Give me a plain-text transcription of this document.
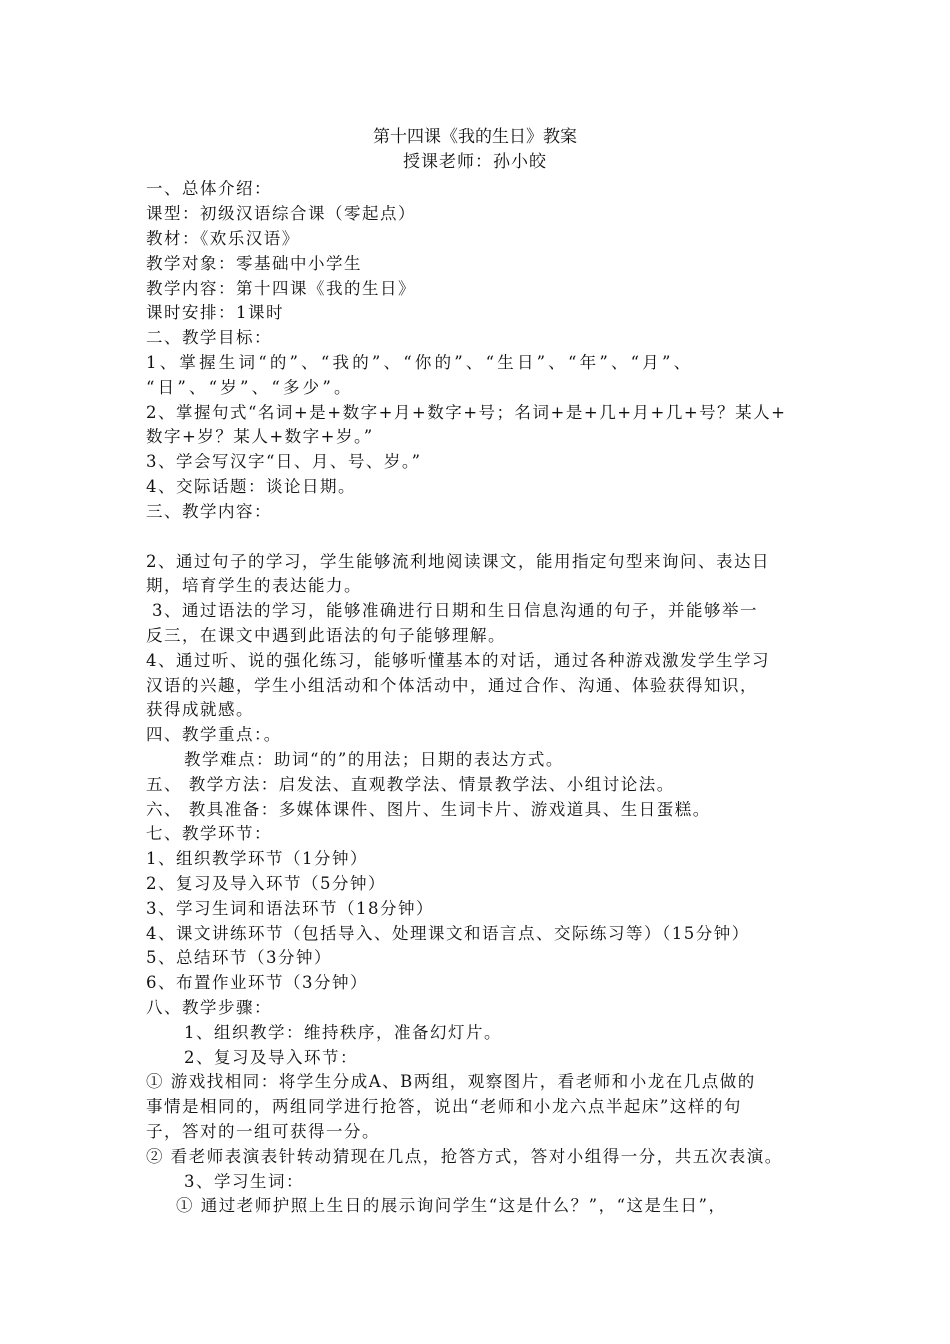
第十四课《我的生日》教案
授课老师：孙小皎
一、总体介绍：
课型：初级汉语综合课（零起点）
教材：《欢乐汉语》
教学对象：零基础中小学生
教学内容：第十四课《我的生日》
课时安排：1课时
二、教学目标：
1、掌握生词“的”、“我的”、“你的”、“生日”、“年”、“月”、
“日”、“岁”、“多少”。
2、掌握句式“名词+是+数字+月+数字+号；名词+是+几+月+几+号？某人+
数字+岁？某人+数字+岁。”
3、学会写汉字“日、月、号、岁。”
4、交际话题：谈论日期。
三、教学内容：
2、通过句子的学习，学生能够流利地阅读课文，能用指定句型来询问、表达日
期，培育学生的表达能力。
3、通过语法的学习，能够准确进行日期和生日信息沟通的句子，并能够举一
反三，在课文中遇到此语法的句子能够理解。
4、通过听、说的强化练习，能够听懂基本的对话，通过各种游戏激发学生学习
汉语的兴趣，学生小组活动和个体活动中，通过合作、沟通、体验获得知识，
获得成就感。
四、教学重点：。
教学难点：助词“的”的用法；日期的表达方式。
五、 教学方法：启发法、直观教学法、情景教学法、小组讨论法。
六、 教具准备：多媒体课件、图片、生词卡片、游戏道具、生日蛋糕。
七、教学环节：
1、组织教学环节（1分钟）
2、复习及导入环节（5分钟）
3、学习生词和语法环节（18分钟）
4、课文讲练环节（包括导入、处理课文和语言点、交际练习等）（15分钟）
5、总结环节（3分钟）
6、布置作业环节（3分钟）
八、教学步骤：
1、组织教学：维持秩序，准备幻灯片。
2、复习及导入环节：
① 游戏找相同：将学生分成A、B两组，观察图片，看老师和小龙在几点做的
事情是相同的，两组同学进行抢答，说出“老师和小龙六点半起床”这样的句
子，答对的一组可获得一分。
② 看老师表演表针转动猜现在几点，抢答方式，答对小组得一分，共五次表演。
3、学习生词：
① 通过老师护照上生日的展示询问学生“这是什么？”，“这是生日”，
